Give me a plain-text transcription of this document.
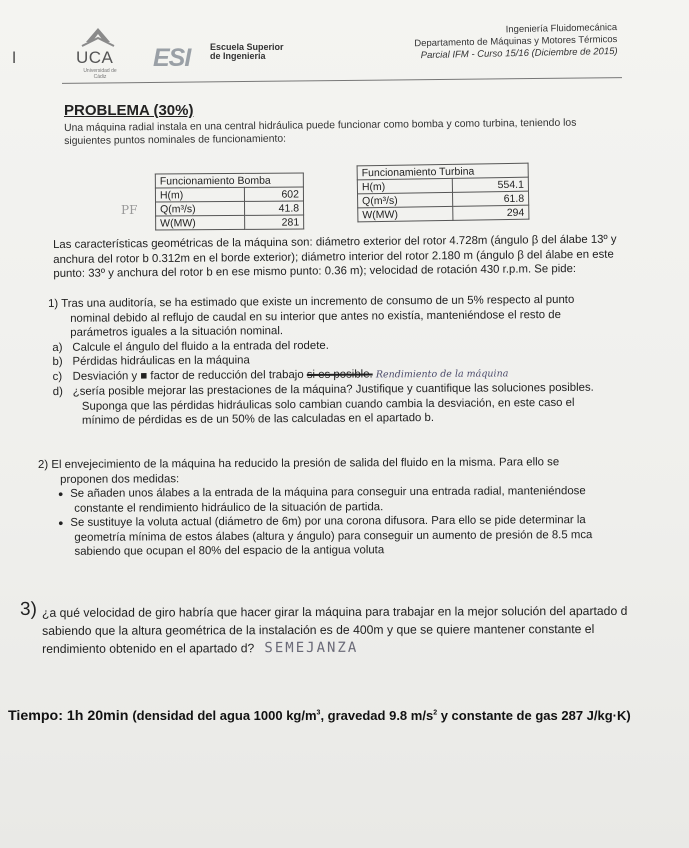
ǀ	UCA
Universidad de Cádiz
ESI Escuela Superior
de Ingeniería
Ingeniería Fluidomecánica
Departamento de Máquinas y Motores Térmicos
Parcial IFM - Curso 15/16 (Diciembre de 2015)
PROBLEMA (30%)
Una máquina radial instala en una central hidráulica puede funcionar como bomba y como turbina, teniendo los siguientes puntos nominales de funcionamiento:
PF
Funcionamiento Bomba	
H(m)	602
Q(m³/s)	41.8
W(MW)	281
Funcionamiento Turbina	
H(m)	554.1
Q(m³/s)	61.8
W(MW)	294
Las características geométricas de la máquina son: diámetro exterior del rotor 4.728m (ángulo β del álabe 13º y anchura del rotor b 0.312m en el borde exterior); diámetro interior del rotor 2.180 m (ángulo β del álabe en este punto: 33º y anchura del rotor b en ese mismo punto: 0.36 m); velocidad de rotación 430 r.p.m. Se pide:
1) Tras una auditoría, se ha estimado que existe un incremento de consumo de un 5% respecto al punto
nominal debido al reflujo de caudal en su interior que antes no existía, manteniéndose el resto de
parámetros iguales a la situación nominal.
a) Calcule el ángulo del fluido a la entrada del rodete.
b) Pérdidas hidráulicas en la máquina
c) Desviación y ■ factor de reducción del trabajo si es posible. Rendimiento de la máquina
d) ¿sería posible mejorar las prestaciones de la máquina? Justifique y cuantifique las soluciones posibles.
Suponga que las pérdidas hidráulicas solo cambian cuando cambia la desviación, en este caso el
mínimo de pérdidas es de un 50% de las calculadas en el apartado b.
2) El envejecimiento de la máquina ha reducido la presión de salida del fluido en la misma. Para ello se
proponen dos medidas:
• Se añaden unos álabes a la entrada de la máquina para conseguir una entrada radial, manteniéndose
constante el rendimiento hidráulico de la situación de partida.
• Se sustituye la voluta actual (diámetro de 6m) por una corona difusora. Para ello se pide determinar la
geometría mínima de estos álabes (altura y ángulo) para conseguir un aumento de presión de 8.5 mca
sabiendo que ocupan el 80% del espacio de la antigua voluta
3) ¿a qué velocidad de giro habría que hacer girar la máquina para trabajar en la mejor solución del apartado d
sabiendo que la altura geométrica de la instalación es de 400m y que se quiere mantener constante el
rendimiento obtenido en el apartado d? SEMEJANZA
Tiempo: 1h 20min (densidad del agua 1000 $kg/m^3$, gravedad 9.8 $m/s^2$ y constante de gas 287 J/kg·K)
